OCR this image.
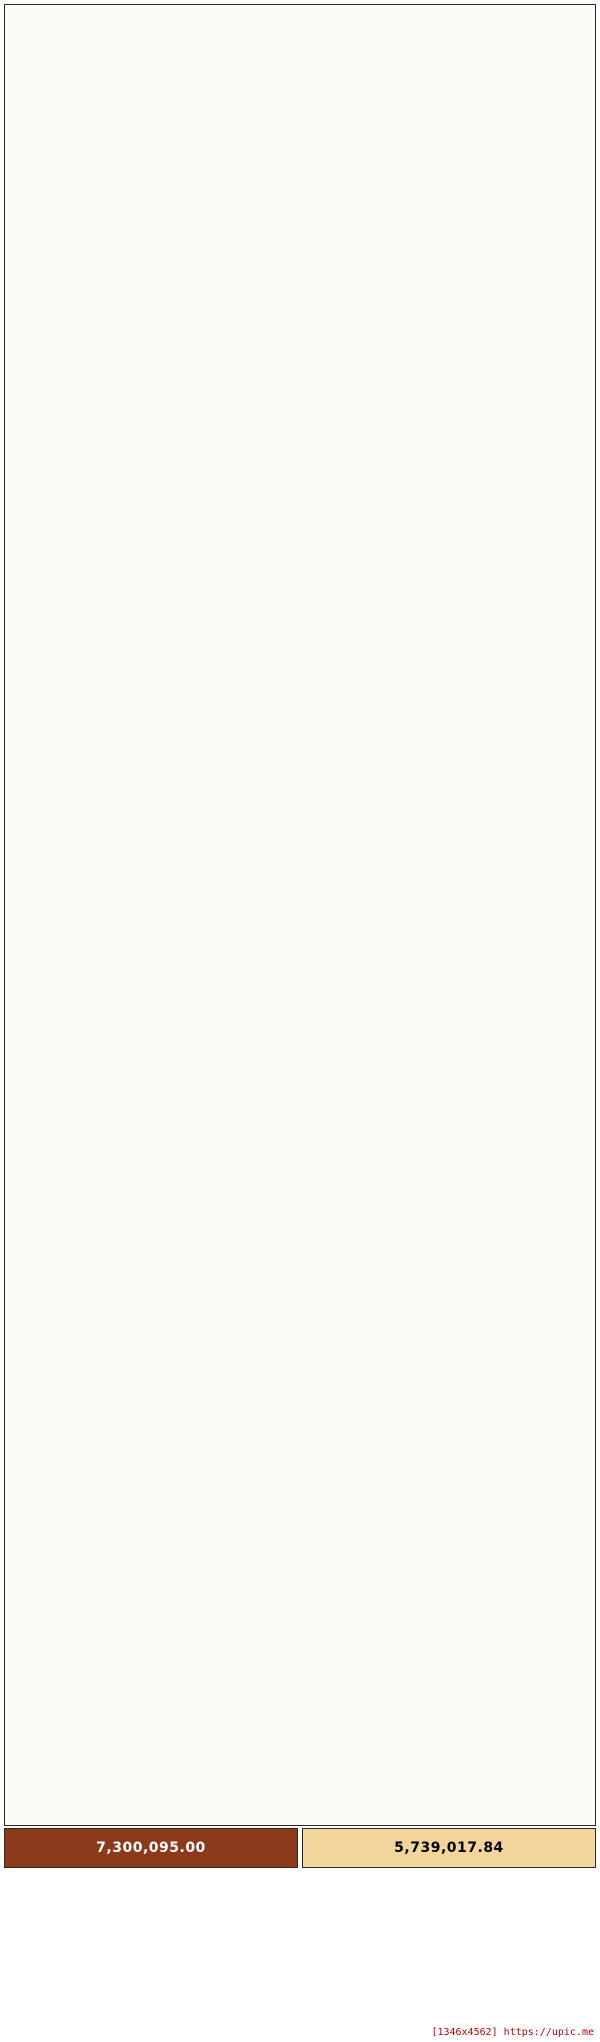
7,300,095.00	5,739,017.84
[1346x4562] https://upic.me
